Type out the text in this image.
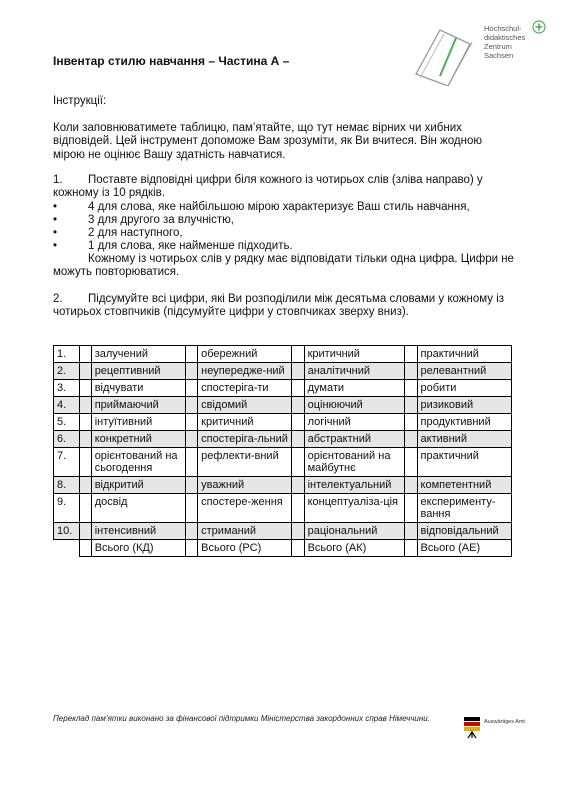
Інвентар стилю навчання – Частина А –
Hochschul-
didaktisches
Zentrum
Sachsen
Інструкції:
Коли заповнюватимете таблицю, пам’ятайте, що тут немає вірних чи хибних відповідей. Цей інструмент допоможе Вам зрозуміти, як Ви вчитеся. Він жодною мірою не оцінює Вашу здатність навчатися.
1. Поставте відповідні цифри біля кожного із чотирьох слів (зліва направо) у кожному із 10 рядків.
•	4 для слова, яке найбільшою мірою характеризує Ваш стиль навчання,
•	3 для другого за влучністю,
•	2 для наступного,
•	1 для слова, яке найменше підходить.
Кожному із чотирьох слів у рядку має відповідати тільки одна цифра. Цифри не можуть повторюватися.
2. Підсумуйте всі цифри, які Ви розподілили між десятьма словами у кожному із чотирьох стовпчиків (підсумуйте цифри у стовпчиках зверху вниз).
1.		залучений		обережний		критичний		практичний
2.		рецептивний		неупередже-ний		аналітичний		релевантний
3.		відчувати		спостеріга-ти		думати		робити
4.		приймаючий		свідомий		оцінюючий		ризиковий
5.		інтуїтивний		критичний		логічний		продуктивний
6.		конкретний		спостеріга-льний		абстрактний		активний
7.		орієнтований на сьогодення		рефлекти-вний		орієнтований на майбутнє		практичний
8.		відкритий		уважний		інтелектуальний		компетентний
9.		досвід		спостере-ження		концептуаліза-ція		експерименту-вання
10.		інтенсивний		стриманий		раціональний		відповідальний
		Всього (КД)		Всього (РС)		Всього (АК)		Всього (АЕ)
Переклад пам’ятки виконано за фінансової підтримки Міністерства закордонних справ Німеччини.	Auswärtiges Amt
